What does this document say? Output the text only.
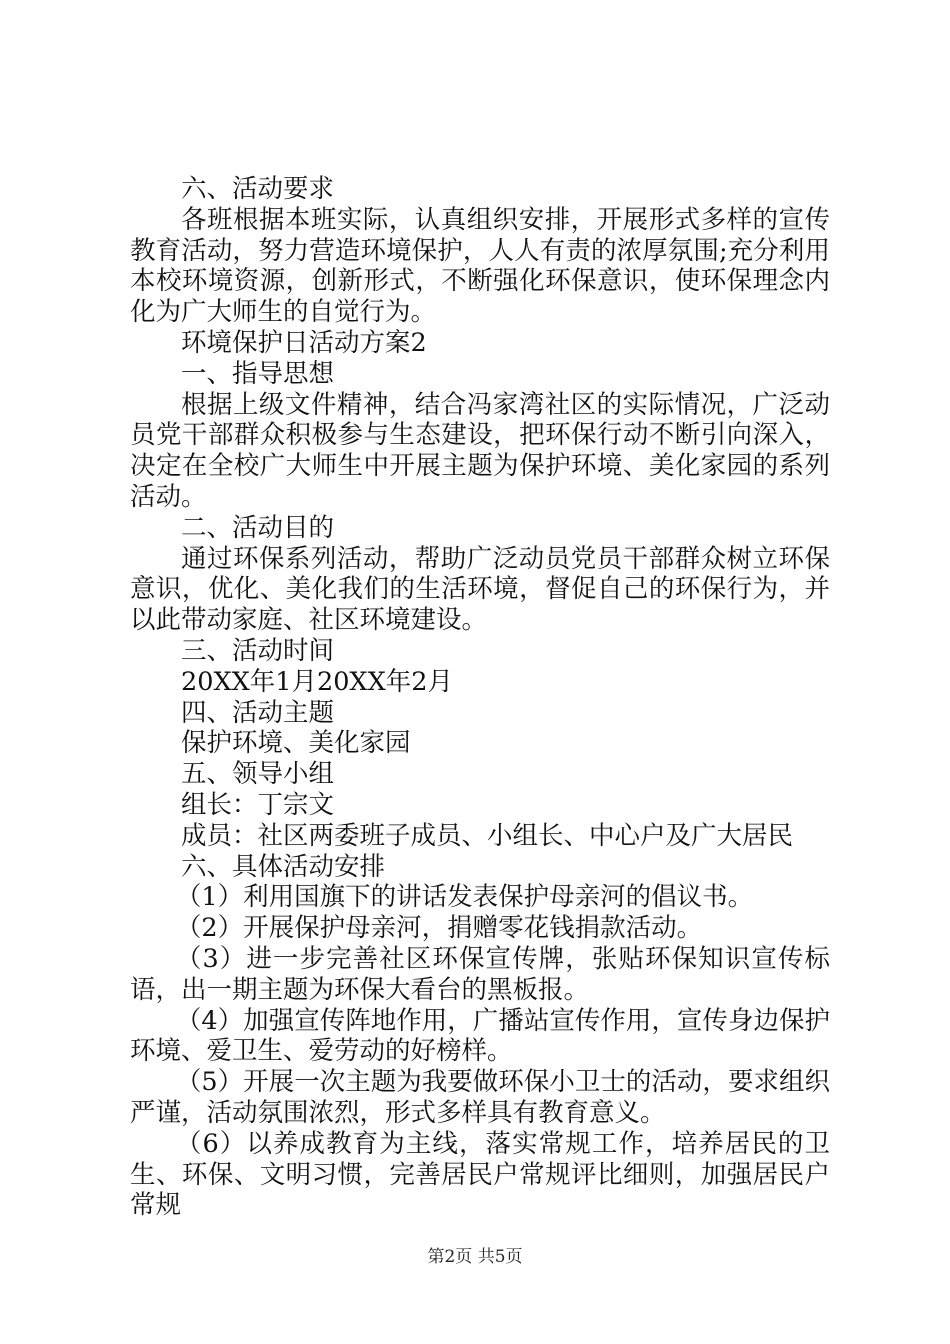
六、活动要求

各班根据本班实际，认真组织安排，开展形式多样的宣传教育活动，努力营造环境保护，人人有责的浓厚氛围;充分利用本校环境资源，创新形式，不断强化环保意识，使环保理念内化为广大师生的自觉行为。

环境保护日活动方案2

一、指导思想

根据上级文件精神，结合冯家湾社区的实际情况，广泛动员党干部群众积极参与生态建设，把环保行动不断引向深入，决定在全校广大师生中开展主题为保护环境、美化家园的系列活动。

二、活动目的

通过环保系列活动，帮助广泛动员党员干部群众树立环保意识，优化、美化我们的生活环境，督促自己的环保行为，并以此带动家庭、社区环境建设。

三、活动时间

20XX年1月20XX年2月

四、活动主题

保护环境、美化家园

五、领导小组

组长：丁宗文

成员：社区两委班子成员、小组长、中心户及广大居民

六、具体活动安排

（1）利用国旗下的讲话发表保护母亲河的倡议书。

（2）开展保护母亲河，捐赠零花钱捐款活动。

（3）进一步完善社区环保宣传牌，张贴环保知识宣传标语，出一期主题为环保大看台的黑板报。

（4）加强宣传阵地作用，广播站宣传作用，宣传身边保护环境、爱卫生、爱劳动的好榜样。

（5）开展一次主题为我要做环保小卫士的活动，要求组织严谨，活动氛围浓烈，形式多样具有教育意义。

（6）以养成教育为主线，落实常规工作，培养居民的卫生、环保、文明习惯，完善居民户常规评比细则，加强居民户常规

第2页 共5页
